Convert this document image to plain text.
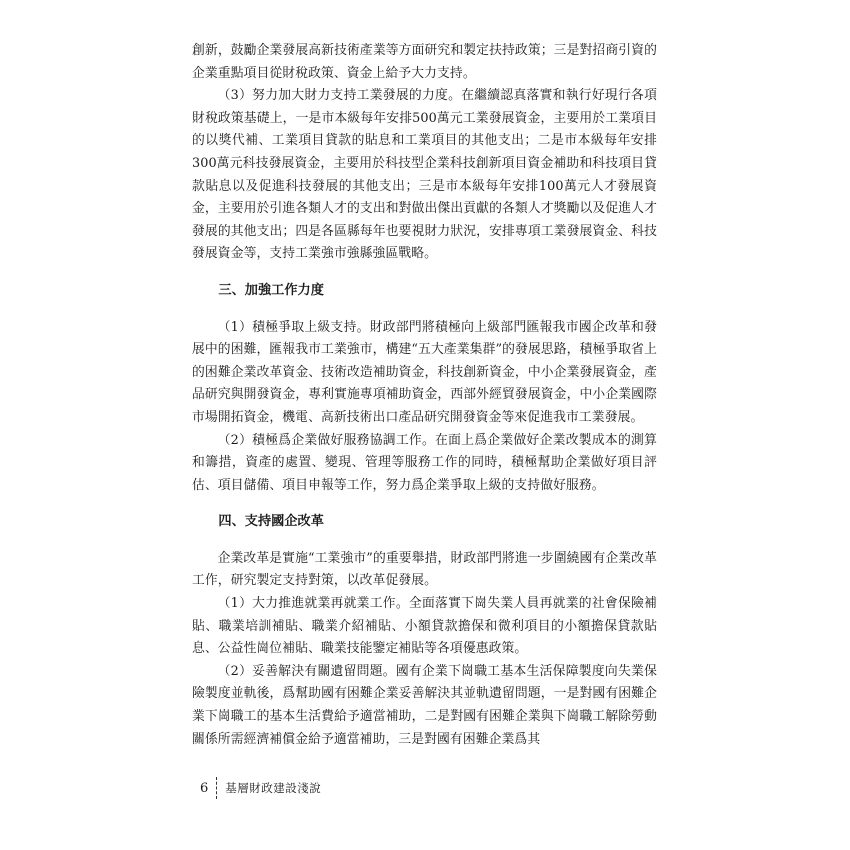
創新，鼓勵企業發展高新技術產業等方面研究和製定扶持政策；三是對招商引資的企業重點項目從財稅政策、資金上給予大力支持。

（3）努力加大財力支持工業發展的力度。在繼續認真落實和執行好現行各項財稅政策基礎上，一是市本級每年安排500萬元工業發展資金，主要用於工業項目的以獎代補、工業項目貸款的貼息和工業項目的其他支出；二是市本級每年安排300萬元科技發展資金，主要用於科技型企業科技創新項目資金補助和科技項目貸款貼息以及促進科技發展的其他支出；三是市本級每年安排100萬元人才發展資金，主要用於引進各類人才的支出和對做出傑出貢獻的各類人才獎勵以及促進人才發展的其他支出；四是各區縣每年也要視財力狀況，安排專項工業發展資金、科技發展資金等，支持工業強市強縣強區戰略。

三、加強工作力度

（1）積極爭取上級支持。財政部門將積極向上級部門匯報我市國企改革和發展中的困難，匯報我市工業強市，構建“五大產業集群”的發展思路，積極爭取省上的困難企業改革資金、技術改造補助資金，科技創新資金，中小企業發展資金，產品研究與開發資金，專利實施專項補助資金，西部外經貿發展資金，中小企業國際市場開拓資金，機電、高新技術出口產品研究開發資金等來促進我市工業發展。

（2）積極爲企業做好服務協調工作。在面上爲企業做好企業改製成本的測算和籌措，資產的處置、變現、管理等服務工作的同時，積極幫助企業做好項目評估、項目儲備、項目申報等工作，努力爲企業爭取上級的支持做好服務。

四、支持國企改革

企業改革是實施“工業強市”的重要舉措，財政部門將進一步圍繞國有企業改革工作，研究製定支持對策，以改革促發展。

（1）大力推進就業再就業工作。全面落實下崗失業人員再就業的社會保險補貼、職業培訓補貼、職業介紹補貼、小額貸款擔保和微利項目的小額擔保貸款貼息、公益性崗位補貼、職業技能鑒定補貼等各項優惠政策。

（2）妥善解決有關遺留問題。國有企業下崗職工基本生活保障製度向失業保險製度並軌後，爲幫助國有困難企業妥善解決其並軌遺留問題，一是對國有困難企業下崗職工的基本生活費給予適當補助，二是對國有困難企業與下崗職工解除勞動關係所需經濟補償金給予適當補助，三是對國有困難企業爲其

6 基層財政建設淺說
